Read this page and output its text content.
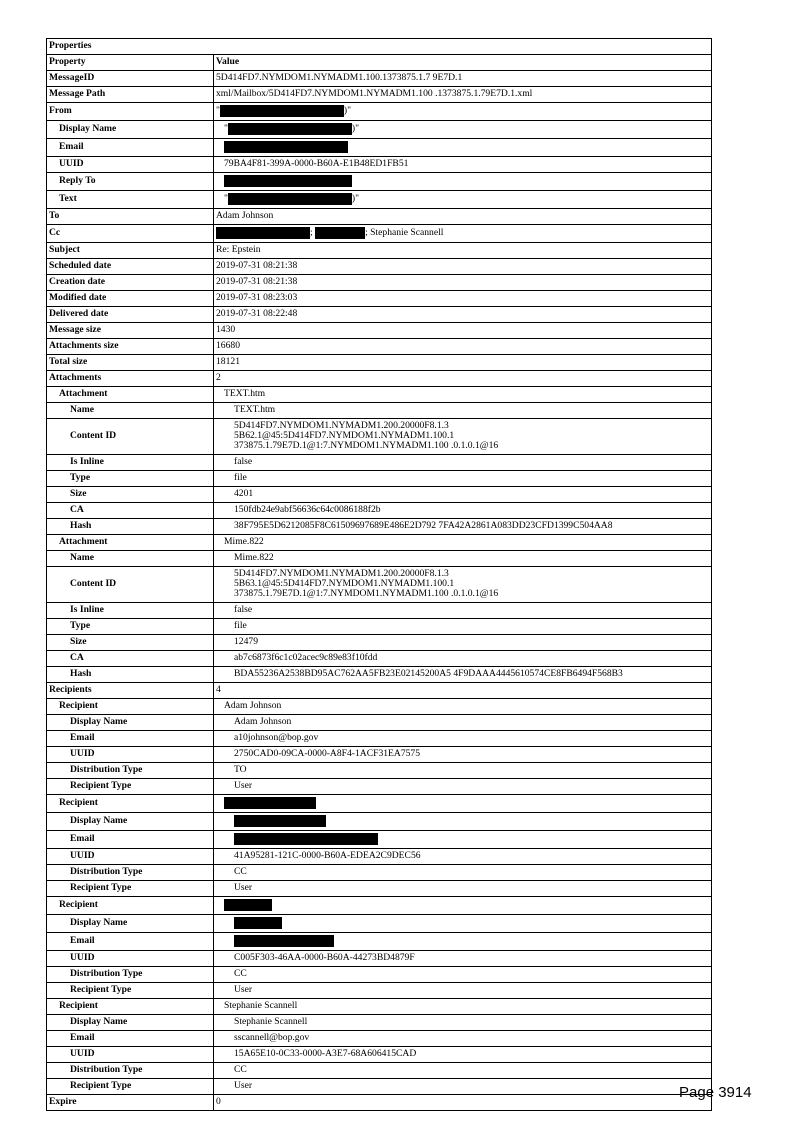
Properties	
Property	Value
MessageID	5D414FD7.NYMDOM1.NYMADM1.100.1373875.1.7 9E7D.1
Message Path	xml/Mailbox/5D414FD7.NYMDOM1.NYMADM1.100 .1373875.1.79E7D.1.xml
From	" )"
Display Name	" )"
Email	
UUID	79BA4F81-399A-0000-B60A-E1B48ED1FB51
Reply To	
Text	" )"
To	Adam Johnson
Cc	; ; Stephanie Scannell
Subject	Re: Epstein
Scheduled date	2019-07-31 08:21:38
Creation date	2019-07-31 08:21:38
Modified date	2019-07-31 08:23:03
Delivered date	2019-07-31 08:22:48
Message size	1430
Attachments size	16680
Total size	18121
Attachments	2
Attachment	TEXT.htm
Name	TEXT.htm
Content ID	5D414FD7.NYMDOM1.NYMADM1.200.20000F8.1.3
5B62.1@45:5D414FD7.NYMDOM1.NYMADM1.100.1
373875.1.79E7D.1@1:7.NYMDOM1.NYMADM1.100 .0.1.0.1@16
Is Inline	false
Type	file
Size	4201
CA	150fdb24e9abf56636c64c0086188f2b
Hash	38F795E5D6212085F8C61509697689E486E2D792 7FA42A2861A083DD23CFD1399C504AA8
Attachment	Mime.822
Name	Mime.822
Content ID	5D414FD7.NYMDOM1.NYMADM1.200.20000F8.1.3
5B63.1@45:5D414FD7.NYMDOM1.NYMADM1.100.1
373875.1.79E7D.1@1:7.NYMDOM1.NYMADM1.100 .0.1.0.1@16
Is Inline	false
Type	file
Size	12479
CA	ab7c6873f6c1c02acec9c89e83f10fdd
Hash	BDA55236A2538BD95AC762AA5FB23E02145200A5 4F9DAAA4445610574CE8FB6494F568B3
Recipients	4
Recipient	Adam Johnson
Display Name	Adam Johnson
Email	a10johnson@bop.gov
UUID	2750CAD0-09CA-0000-A8F4-1ACF31EA7575
Distribution Type	TO
Recipient Type	User
Recipient	
Display Name	
Email	
UUID	41A95281-121C-0000-B60A-EDEA2C9DEC56
Distribution Type	CC
Recipient Type	User
Recipient	
Display Name	
Email	
UUID	C005F303-46AA-0000-B60A-44273BD4879F
Distribution Type	CC
Recipient Type	User
Recipient	Stephanie Scannell
Display Name	Stephanie Scannell
Email	sscannell@bop.gov
UUID	15A65E10-0C33-0000-A3E7-68A606415CAD
Distribution Type	CC
Recipient Type	User
Expire	0
Page 3914
